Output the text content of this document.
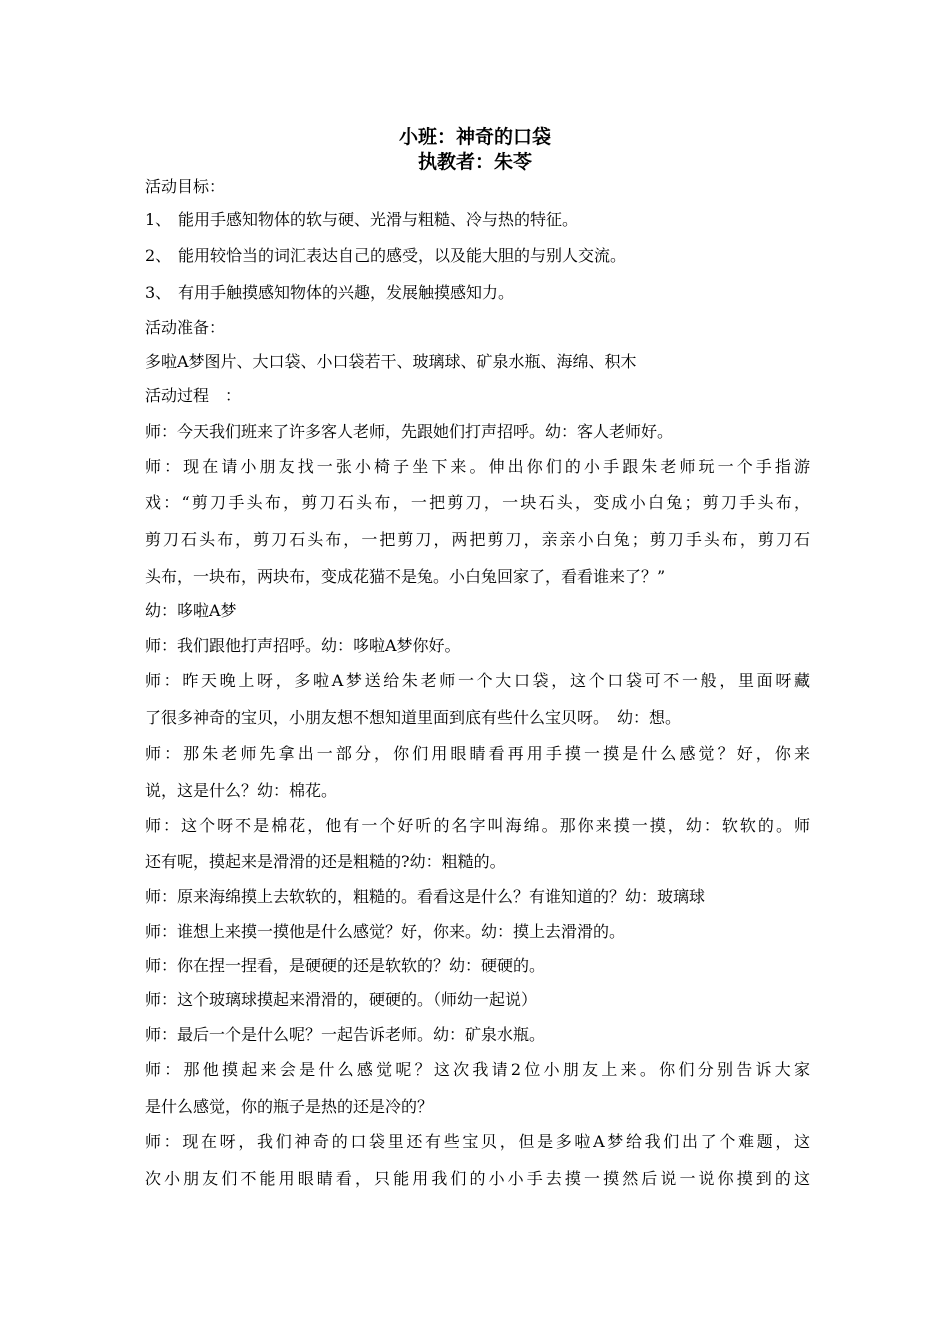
小班：神奇的口袋
执教者：朱苓
活动目标：
1、 能用手感知物体的软与硬、光滑与粗糙、冷与热的特征。
2、 能用较恰当的词汇表达自己的感受，以及能大胆的与别人交流。
3、 有用手触摸感知物体的兴趣，发展触摸感知力。
活动准备：
多啦A梦图片、大口袋、小口袋若干、玻璃球、矿泉水瓶、海绵、积木
活动过程　：
师：今天我们班来了许多客人老师，先跟她们打声招呼。幼：客人老师好。
师：现在请小朋友找一张小椅子坐下来。伸出你们的小手跟朱老师玩一个手指游
戏：“剪刀手头布，剪刀石头布，一把剪刀，一块石头，变成小白兔；剪刀手头布，
剪刀石头布，剪刀石头布，一把剪刀，两把剪刀，亲亲小白兔；剪刀手头布，剪刀石
头布，一块布，两块布，变成花猫不是兔。小白兔回家了，看看谁来了？”
幼：哆啦A梦
师：我们跟他打声招呼。幼：哆啦A梦你好。
师：昨天晚上呀，多啦A梦送给朱老师一个大口袋，这个口袋可不一般，里面呀藏
了很多神奇的宝贝，小朋友想不想知道里面到底有些什么宝贝呀。　幼：想。
师：那朱老师先拿出一部分，你们用眼睛看再用手摸一摸是什么感觉？好，你来
说，这是什么？幼：棉花。
师：这个呀不是棉花，他有一个好听的名字叫海绵。那你来摸一摸，幼：软软的。师
还有呢，摸起来是滑滑的还是粗糙的?幼：粗糙的。
师：原来海绵摸上去软软的，粗糙的。看看这是什么？有谁知道的？幼：玻璃球
师：谁想上来摸一摸他是什么感觉？好，你来。幼：摸上去滑滑的。
师：你在捏一捏看，是硬硬的还是软软的？幼：硬硬的。
师：这个玻璃球摸起来滑滑的，硬硬的。（师幼一起说）
师：最后一个是什么呢？一起告诉老师。幼：矿泉水瓶。
师：那他摸起来会是什么感觉呢？这次我请2位小朋友上来。你们分别告诉大家
是什么感觉，你的瓶子是热的还是冷的？
师：现在呀，我们神奇的口袋里还有些宝贝，但是多啦A梦给我们出了个难题，这
次小朋友们不能用眼睛看，只能用我们的小小手去摸一摸然后说一说你摸到的这
